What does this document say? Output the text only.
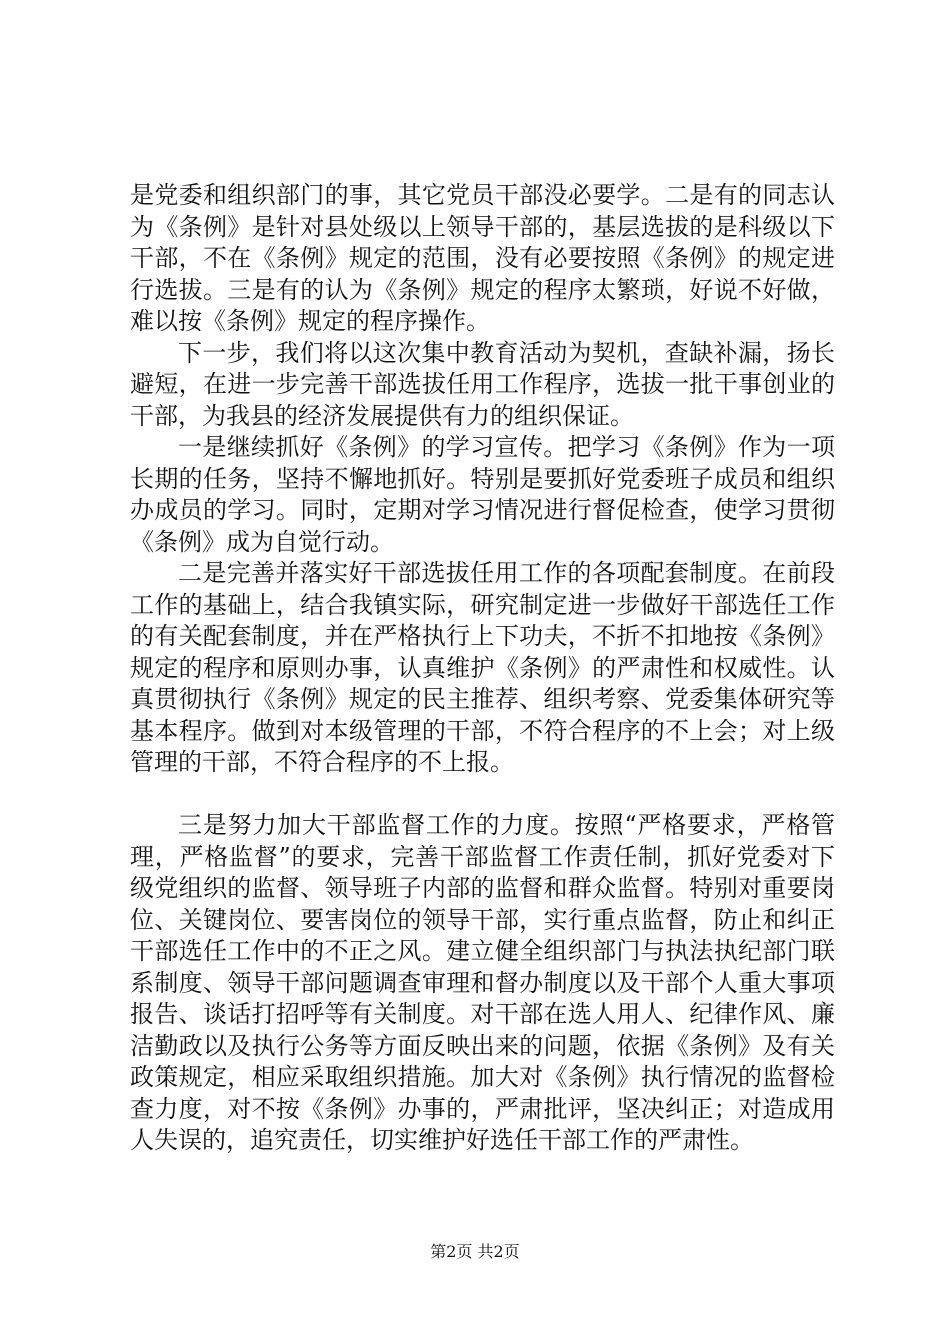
是党委和组织部门的事，其它党员干部没必要学。二是有的同志认为《条例》是针对县处级以上领导干部的，基层选拔的是科级以下干部，不在《条例》规定的范围，没有必要按照《条例》的规定进行选拔。三是有的认为《条例》规定的程序太繁琐，好说不好做，难以按《条例》规定的程序操作。

下一步，我们将以这次集中教育活动为契机，查缺补漏，扬长避短，在进一步完善干部选拔任用工作程序，选拔一批干事创业的干部，为我县的经济发展提供有力的组织保证。

一是继续抓好《条例》的学习宣传。把学习《条例》作为一项长期的任务，坚持不懈地抓好。特别是要抓好党委班子成员和组织办成员的学习。同时，定期对学习情况进行督促检查，使学习贯彻《条例》成为自觉行动。

二是完善并落实好干部选拔任用工作的各项配套制度。在前段工作的基础上，结合我镇实际，研究制定进一步做好干部选任工作的有关配套制度，并在严格执行上下功夫，不折不扣地按《条例》规定的程序和原则办事，认真维护《条例》的严肃性和权威性。认真贯彻执行《条例》规定的民主推荐、组织考察、党委集体研究等基本程序。做到对本级管理的干部，不符合程序的不上会；对上级管理的干部，不符合程序的不上报。

三是努力加大干部监督工作的力度。按照“严格要求，严格管理，严格监督”的要求，完善干部监督工作责任制，抓好党委对下级党组织的监督、领导班子内部的监督和群众监督。特别对重要岗位、关键岗位、要害岗位的领导干部，实行重点监督，防止和纠正干部选任工作中的不正之风。建立健全组织部门与执法执纪部门联系制度、领导干部问题调查审理和督办制度以及干部个人重大事项报告、谈话打招呼等有关制度。对干部在选人用人、纪律作风、廉洁勤政以及执行公务等方面反映出来的问题，依据《条例》及有关政策规定，相应采取组织措施。加大对《条例》执行情况的监督检查力度，对不按《条例》办事的，严肃批评，坚决纠正；对造成用人失误的，追究责任，切实维护好选任干部工作的严肃性。

第2页 共2页
